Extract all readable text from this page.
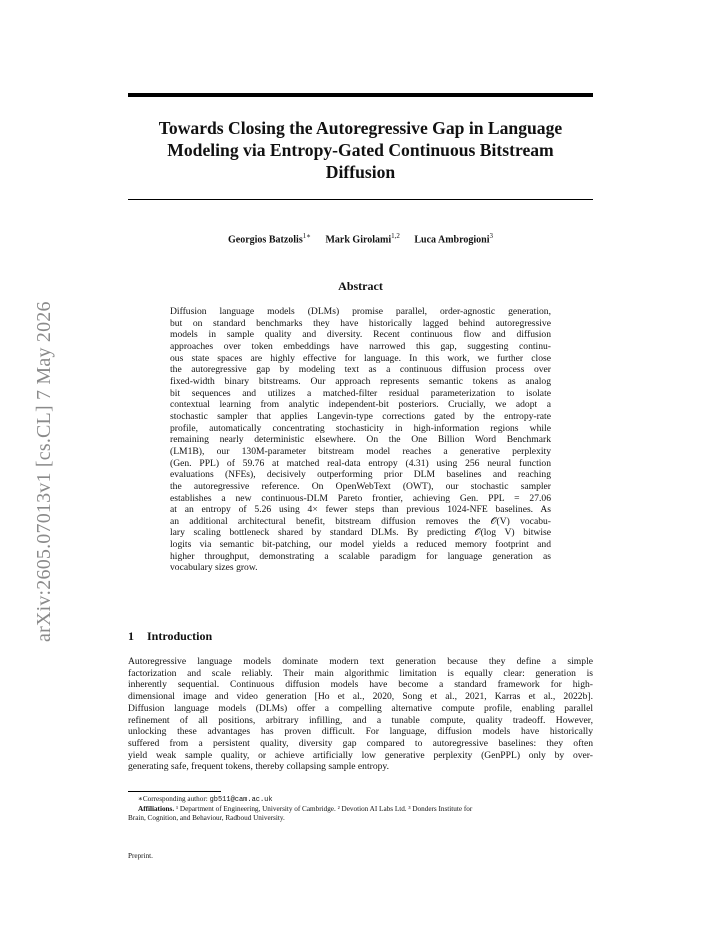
arXiv:2605.07013v1 [cs.CL] 7 May 2026
Towards Closing the Autoregressive Gap in Language
Modeling via Entropy-Gated Continuous Bitstream
Diffusion
Georgios Batzolis$^{1∗}$ Mark Girolami$^{1,2}$ Luca Ambrogioni$^3$
Abstract
Diffusion language models (DLMs) promise parallel, order-agnostic generation,
but on standard benchmarks they have historically lagged behind autoregressive
models in sample quality and diversity. Recent continuous flow and diffusion
approaches over token embeddings have narrowed this gap, suggesting continu-
ous state spaces are highly effective for language. In this work, we further close
the autoregressive gap by modeling text as a continuous diffusion process over
fixed-width binary bitstreams. Our approach represents semantic tokens as analog
bit sequences and utilizes a matched-filter residual parameterization to isolate
contextual learning from analytic independent-bit posteriors. Crucially, we adopt a
stochastic sampler that applies Langevin-type corrections gated by the entropy-rate
profile, automatically concentrating stochasticity in high-information regions while
remaining nearly deterministic elsewhere. On the One Billion Word Benchmark
(LM1B), our 130M-parameter bitstream model reaches a generative perplexity
(Gen. PPL) of 59.76 at matched real-data entropy (4.31) using 256 neural function
evaluations (NFEs), decisively outperforming prior DLM baselines and reaching
the autoregressive reference. On OpenWebText (OWT), our stochastic sampler
establishes a new continuous-DLM Pareto frontier, achieving Gen. PPL = 27.06
at an entropy of 5.26 using 4× fewer steps than previous 1024-NFE baselines. As
an additional architectural benefit, bitstream diffusion removes the 𝒪(V) vocabu-
lary scaling bottleneck shared by standard DLMs. By predicting 𝒪(log V) bitwise
logits via semantic bit-patching, our model yields a reduced memory footprint and
higher throughput, demonstrating a scalable paradigm for language generation as
vocabulary sizes grow.
1 Introduction
Autoregressive language models dominate modern text generation because they define a simple
factorization and scale reliably. Their main algorithmic limitation is equally clear: generation is
inherently sequential. Continuous diffusion models have become a standard framework for high-
dimensional image and video generation [Ho et al., 2020, Song et al., 2021, Karras et al., 2022b].
Diffusion language models (DLMs) offer a compelling alternative compute profile, enabling parallel
refinement of all positions, arbitrary infilling, and a tunable compute, quality tradeoff. However,
unlocking these advantages has proven difficult. For language, diffusion models have historically
suffered from a persistent quality, diversity gap compared to autoregressive baselines: they often
yield weak sample quality, or achieve artificially low generative perplexity (GenPPL) only by over-
generating safe, frequent tokens, thereby collapsing sample entropy.
∗Corresponding author: gb511@cam.ac.uk
Affiliations. ¹ Department of Engineering, University of Cambridge. ² Devotion AI Labs Ltd. ³ Donders Institute for
Brain, Cognition, and Behaviour, Radboud University.
Preprint.
